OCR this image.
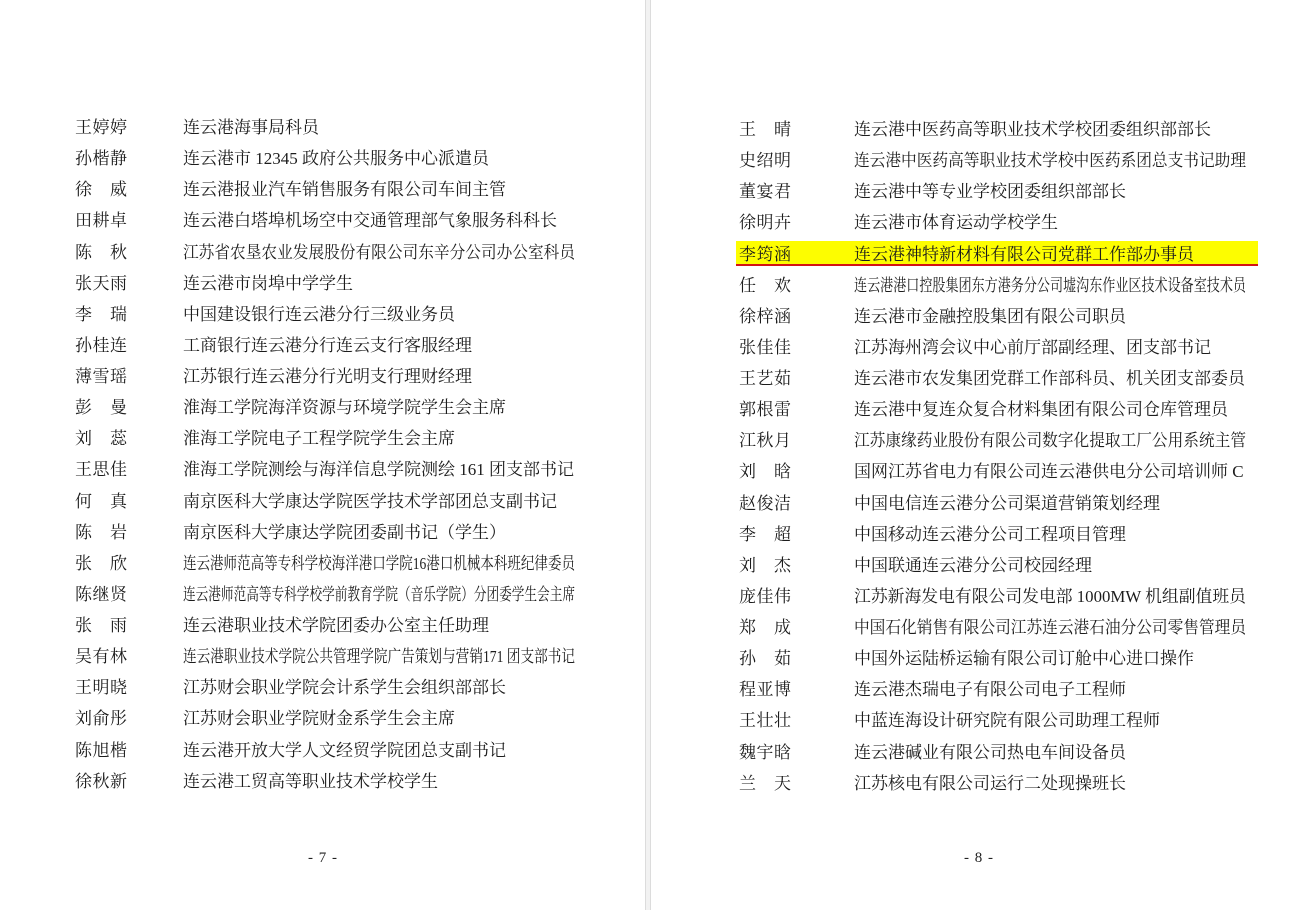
王婷婷	连云港海事局科员
孙楷静	连云港市 12345 政府公共服务中心派遣员
徐　威	连云港报业汽车销售服务有限公司车间主管
田耕卓	连云港白塔埠机场空中交通管理部气象服务科科长
陈　秋	江苏省农垦农业发展股份有限公司东辛分公司办公室科员
张天雨	连云港市岗埠中学学生
李　瑞	中国建设银行连云港分行三级业务员
孙桂连	工商银行连云港分行连云支行客服经理
薄雪瑶	江苏银行连云港分行光明支行理财经理
彭　曼	淮海工学院海洋资源与环境学院学生会主席
刘　蕊	淮海工学院电子工程学院学生会主席
王思佳	淮海工学院测绘与海洋信息学院测绘 161 团支部书记
何　真	南京医科大学康达学院医学技术学部团总支副书记
陈　岩	南京医科大学康达学院团委副书记（学生）
张　欣	连云港师范高等专科学校海洋港口学院16港口机械本科班纪律委员
陈继贤	连云港师范高等专科学校学前教育学院（音乐学院）分团委学生会主席
张　雨	连云港职业技术学院团委办公室主任助理
吴有林	连云港职业技术学院公共管理学院广告策划与营销171 团支部书记
王明晓	江苏财会职业学院会计系学生会组织部部长
刘俞彤	江苏财会职业学院财金系学生会主席
陈旭楷	连云港开放大学人文经贸学院团总支副书记
徐秋新	连云港工贸高等职业技术学校学生
- 7 -
王　晴	连云港中医药高等职业技术学校团委组织部部长
史绍明	连云港中医药高等职业技术学校中医药系团总支书记助理
董宴君	连云港中等专业学校团委组织部部长
徐明卉	连云港市体育运动学校学生
李筠涵	连云港神特新材料有限公司党群工作部办事员
任　欢	连云港港口控股集团东方港务分公司墟沟东作业区技术设备室技术员
徐梓涵	连云港市金融控股集团有限公司职员
张佳佳	江苏海州湾会议中心前厅部副经理、团支部书记
王艺茹	连云港市农发集团党群工作部科员、机关团支部委员
郭根雷	连云港中复连众复合材料集团有限公司仓库管理员
江秋月	江苏康缘药业股份有限公司数字化提取工厂公用系统主管
刘　晗	国网江苏省电力有限公司连云港供电分公司培训师 C
赵俊洁	中国电信连云港分公司渠道营销策划经理
李　超	中国移动连云港分公司工程项目管理
刘　杰	中国联通连云港分公司校园经理
庞佳伟	江苏新海发电有限公司发电部 1000MW 机组副值班员
郑　成	中国石化销售有限公司江苏连云港石油分公司零售管理员
孙　茹	中国外运陆桥运输有限公司订舱中心进口操作
程亚博	连云港杰瑞电子有限公司电子工程师
王壮壮	中蓝连海设计研究院有限公司助理工程师
魏宇晗	连云港碱业有限公司热电车间设备员
兰　天	江苏核电有限公司运行二处现操班长
- 8 -
